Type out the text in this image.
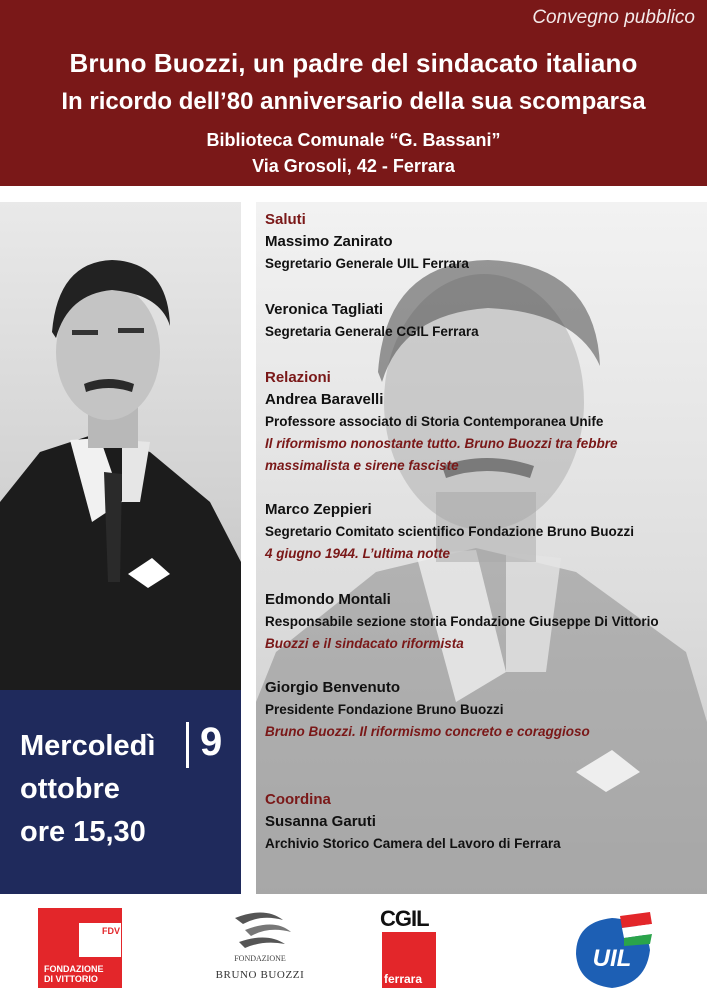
Convegno pubblico
Bruno Buozzi, un padre del sindacato italiano
In ricordo dell’80 anniversario della sua scomparsa
Biblioteca Comunale “G. Bassani”
Via Grosoli, 42 - Ferrara
Saluti
Massimo Zanirato
Segretario Generale UIL Ferrara
Veronica Tagliati
Segretaria Generale CGIL Ferrara
Relazioni
Andrea Baravelli
Professore associato di Storia Contemporanea Unife
Il riformismo nonostante tutto. Bruno Buozzi tra febbre
massimalista e sirene fasciste
Marco Zeppieri
Segretario Comitato scientifico Fondazione Bruno Buozzi
4 giugno 1944. L’ultima notte
Edmondo Montali
Responsabile sezione storia Fondazione Giuseppe Di Vittorio
Buozzi e il sindacato riformista
Giorgio Benvenuto
Presidente Fondazione Bruno Buozzi
Bruno Buozzi. Il riformismo concreto e coraggioso
Coordina
Susanna Garuti
Archivio Storico Camera del Lavoro di Ferrara
Mercoledì 9
ottobre
ore 15,30
FDV
FONDAZIONE
DI VITTORIO
FONDAZIONE
BRUNO BUOZZI
CGIL
ferrara
UIL
